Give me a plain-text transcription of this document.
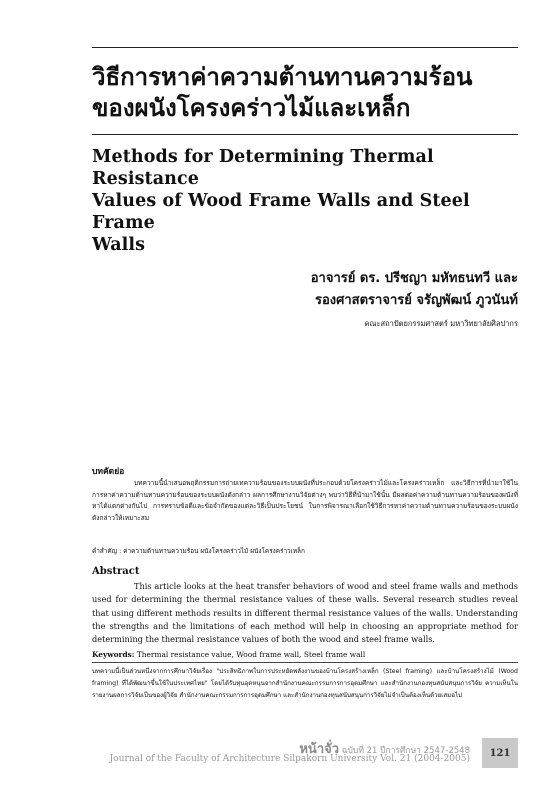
วิธีการหาค่าความต้านทานความร้อน
ของผนังโครงคร่าวไม้และเหล็ก
Methods for Determining Thermal Resistance
Values of Wood Frame Walls and Steel Frame
Walls
อาจารย์ ดร. ปรีชญา มหัทธนทวี และ
รองศาสตราจารย์ จรัญพัฒน์ ภูวนันท์
คณะสถาปัตยกรรมศาสตร์ มหาวิทยาลัยศิลปากร
บทคัดย่อ
บทความนี้นำเสนอพฤติกรรมการถ่ายเทความร้อนของระบบผนังที่ประกอบด้วยโครงคร่าวไม้และโครงคร่าวเหล็ก และวิธีการที่นำมาใช้ในการหาค่าความต้านทานความร้อนของระบบผนังดังกล่าว ผลการศึกษางานวิจัยต่างๆ พบว่าวิธีที่นำมาใช้นั้น มีผลต่อค่าความต้านทานความร้อนของผนังที่หาได้แตกต่างกันไป การทราบข้อดีและข้อจำกัดของแต่ละวิธีเป็นประโยชน์ ในการพิจารณาเลือกใช้วิธีการหาค่าความต้านทานความร้อนของระบบผนังดังกล่าวให้เหมาะสม
คำสำคัญ : ค่าความต้านทานความร้อน ผนังโครงคร่าวไม้ ผนังโครงคร่าวเหล็ก
Abstract
This article looks at the heat transfer behaviors of wood and steel frame walls and methods used for determining the thermal resistance values of these walls. Several research studies reveal that using different methods results in different thermal resistance values of the walls. Understanding the strengths and the limitations of each method will help in choosing an appropriate method for determining the thermal resistance values of both the wood and steel frame walls.
Keywords: Thermal resistance value, Wood frame wall, Steel frame wall
บทความนี้เป็นส่วนหนึ่งจากการศึกษาวิจัยเรื่อง "ประสิทธิภาพในการประหยัดพลังงานของบ้านโครงสร้างเหล็ก (Steel framing) และบ้านโครงสร้างไม้ (Wood framing) ที่ได้พัฒนาขึ้นใช้ในประเทศไทย" โดยได้รับทุนอุดหนุนจากสำนักงานคณะกรรมการการอุดมศึกษา และสำนักงานกองทุนสนับสนุนการวิจัย ความเห็นในรายงานผลการวิจัยเป็นของผู้วิจัย สำนักงานคณะกรรมการการอุดมศึกษา และสำนักงานกองทุนสนับสนุนการวิจัยไม่จำเป็นต้องเห็นด้วยเสมอไป
หน้าจั่ว ฉบับที่ 21 ปีการศึกษา 2547-2548
Journal of the Faculty of Architecture Silpakorn University Vol. 21 (2004-2005)
121
